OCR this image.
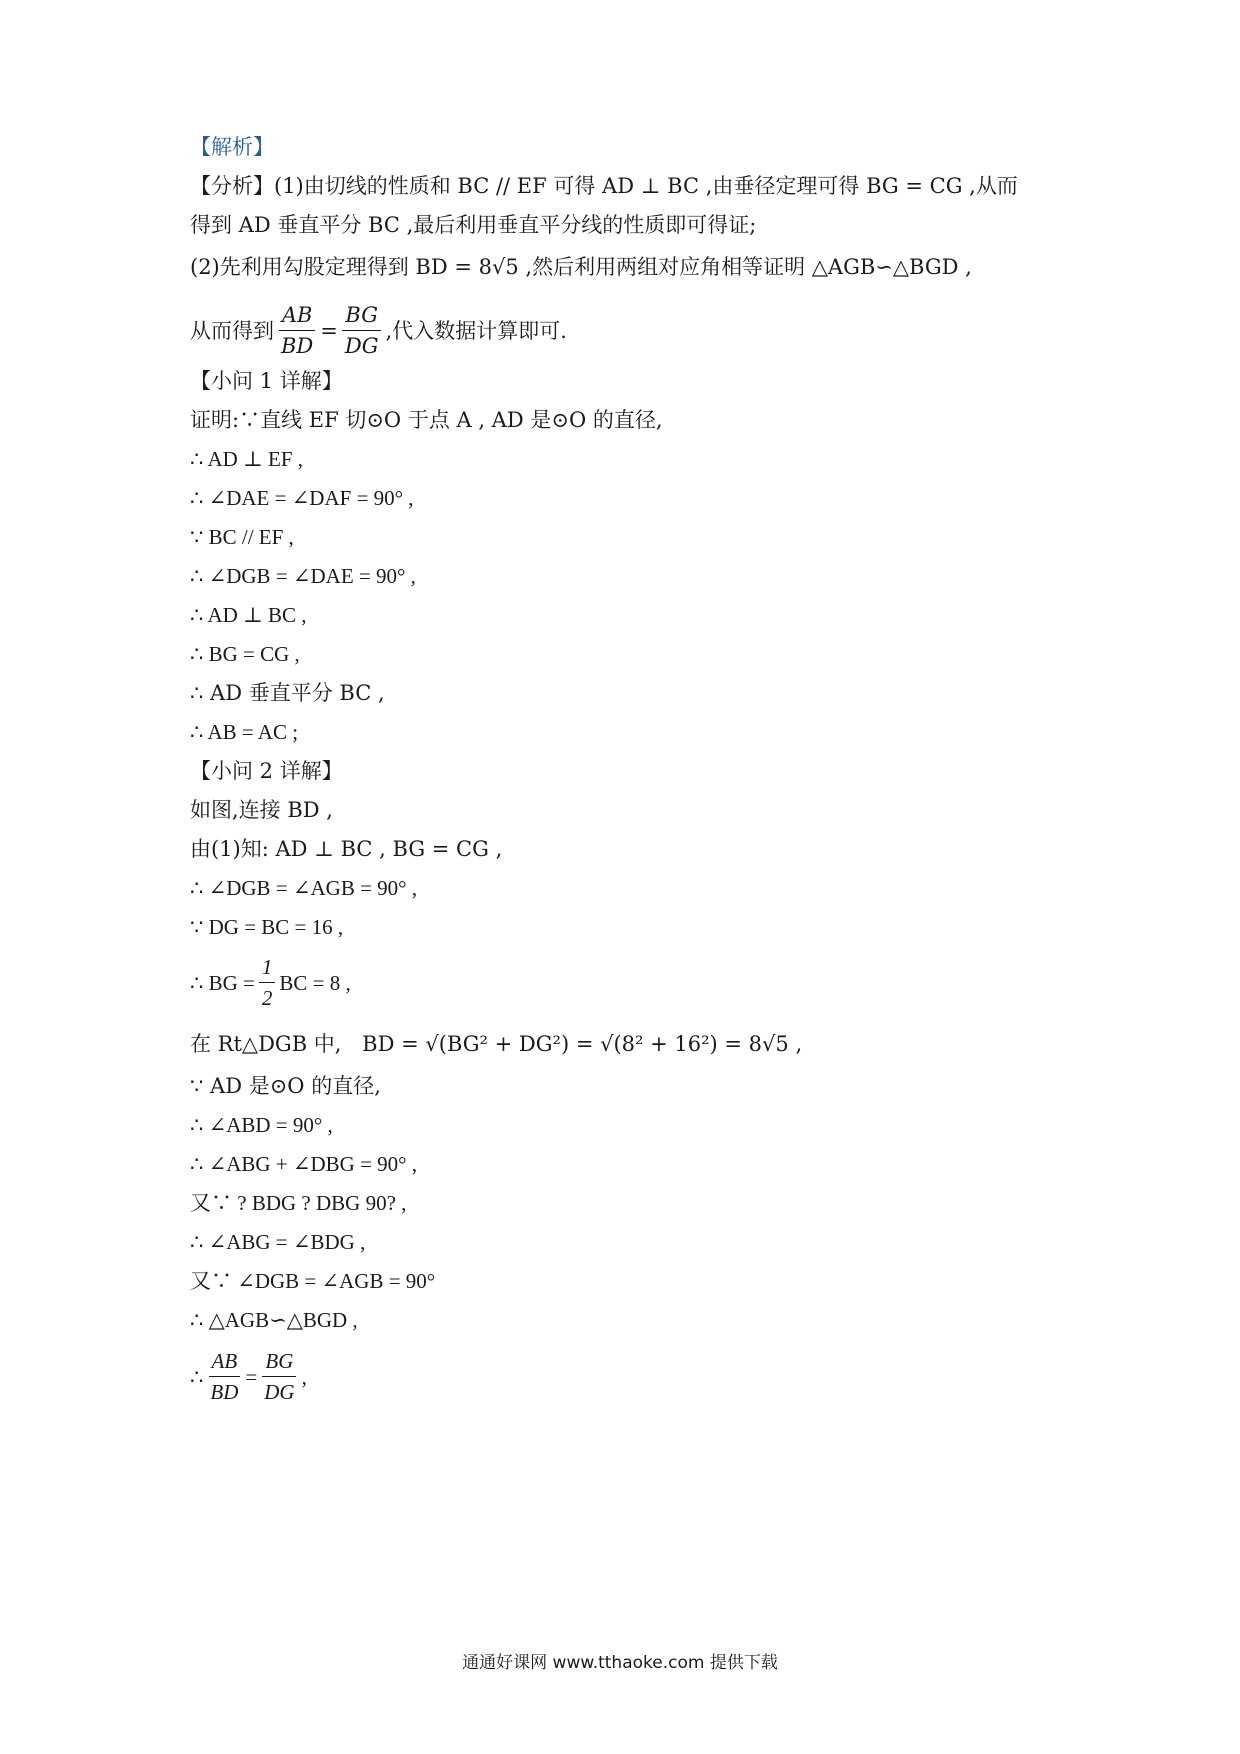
【解析】
【分析】(1)由切线的性质和 BC // EF 可得 AD ⊥ BC ,由垂径定理可得 BG = CG ,从而
得到 AD 垂直平分 BC ,最后利用垂直平分线的性质即可得证;
(2)先利用勾股定理得到 BD = 8√5 ,然后利用两组对应角相等证明 △AGB∽△BGD ,
从而得到 $\frac{AB}{BD} = \frac{BG}{DG}$ ,代入数据计算即可.
【小问 1 详解】
证明:∵直线 EF 切⊙O 于点 A , AD 是⊙O 的直径,
∴ AD ⊥ EF ,
∴ ∠DAE = ∠DAF = 90° ,
∵ BC // EF ,
∴ ∠DGB = ∠DAE = 90° ,
∴ AD ⊥ BC ,
∴ BG = CG ,
∴ AD 垂直平分 BC ,
∴ AB = AC ;
【小问 2 详解】
如图,连接 BD ,
由(1)知: AD ⊥ BC , BG = CG ,
∴ ∠DGB = ∠AGB = 90° ,
∵ DG = BC = 16 ,
∴ BG = $\frac{1}{2}$ BC = 8 ,
在 Rt△DGB 中, BD = √(BG² + DG²) = √(8² + 16²) = 8√5 ,
∵ AD 是⊙O 的直径,
∴ ∠ABD = 90° ,
∴ ∠ABG + ∠DBG = 90° ,
又∵ ? BDG ? DBG 90? ,
∴ ∠ABG = ∠BDG ,
又∵ ∠DGB = ∠AGB = 90°
∴ △AGB∽△BGD ,
∴ $\frac{AB}{BD} = \frac{BG}{DG}$ ,
通通好课网 www.tthaoke.com 提供下载
